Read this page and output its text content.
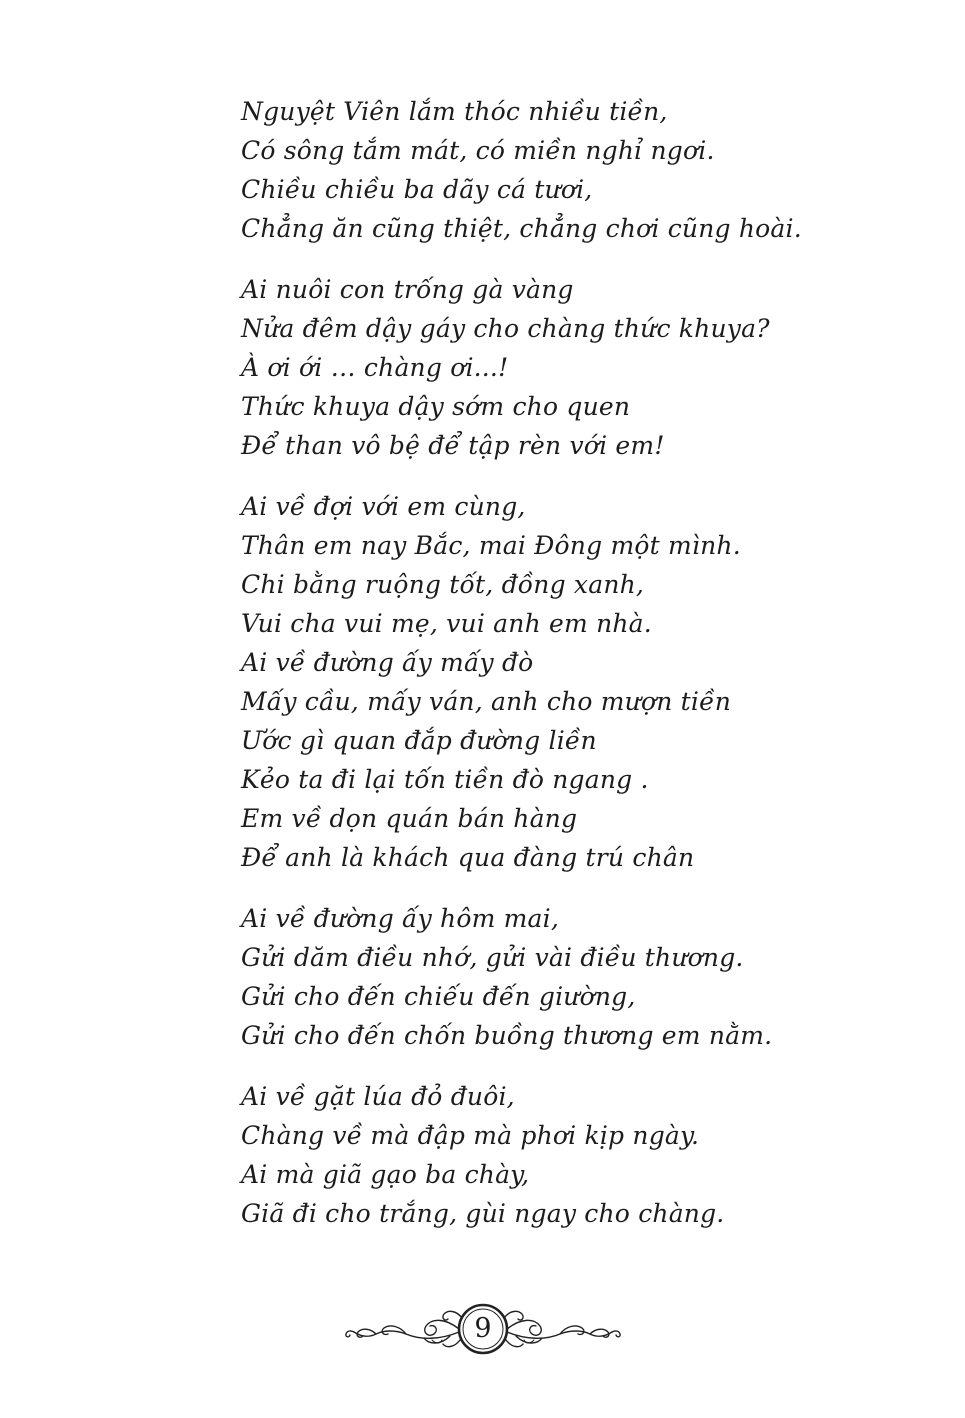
Nguyệt Viên lắm thóc nhiều tiền,
Có sông tắm mát, có miền nghỉ ngơi.
Chiều chiều ba dãy cá tươi,
Chẳng ăn cũng thiệt, chẳng chơi cũng hoài.
Ai nuôi con trống gà vàng
Nửa đêm dậy gáy cho chàng thức khuya?
À ơi ới … chàng ơi...!
Thức khuya dậy sớm cho quen
Để than vô bệ để tập rèn với em!
Ai về đợi với em cùng,
Thân em nay Bắc, mai Đông một mình.
Chi bằng ruộng tốt, đồng xanh,
Vui cha vui mẹ, vui anh em nhà.
Ai về đường ấy mấy đò
Mấy cầu, mấy ván, anh cho mượn tiền
Ước gì quan đắp đường liền
Kẻo ta đi lại tốn tiền đò ngang .
Em về dọn quán bán hàng
Để anh là khách qua đàng trú chân
Ai về đường ấy hôm mai,
Gửi dăm điều nhớ, gửi vài điều thương.
Gửi cho đến chiếu đến giường,
Gửi cho đến chốn buồng thương em nằm.
Ai về gặt lúa đỏ đuôi,
Chàng về mà đập mà phơi kịp ngày.
Ai mà giã gạo ba chày,
Giã đi cho trắng, gùi ngay cho chàng.
9
